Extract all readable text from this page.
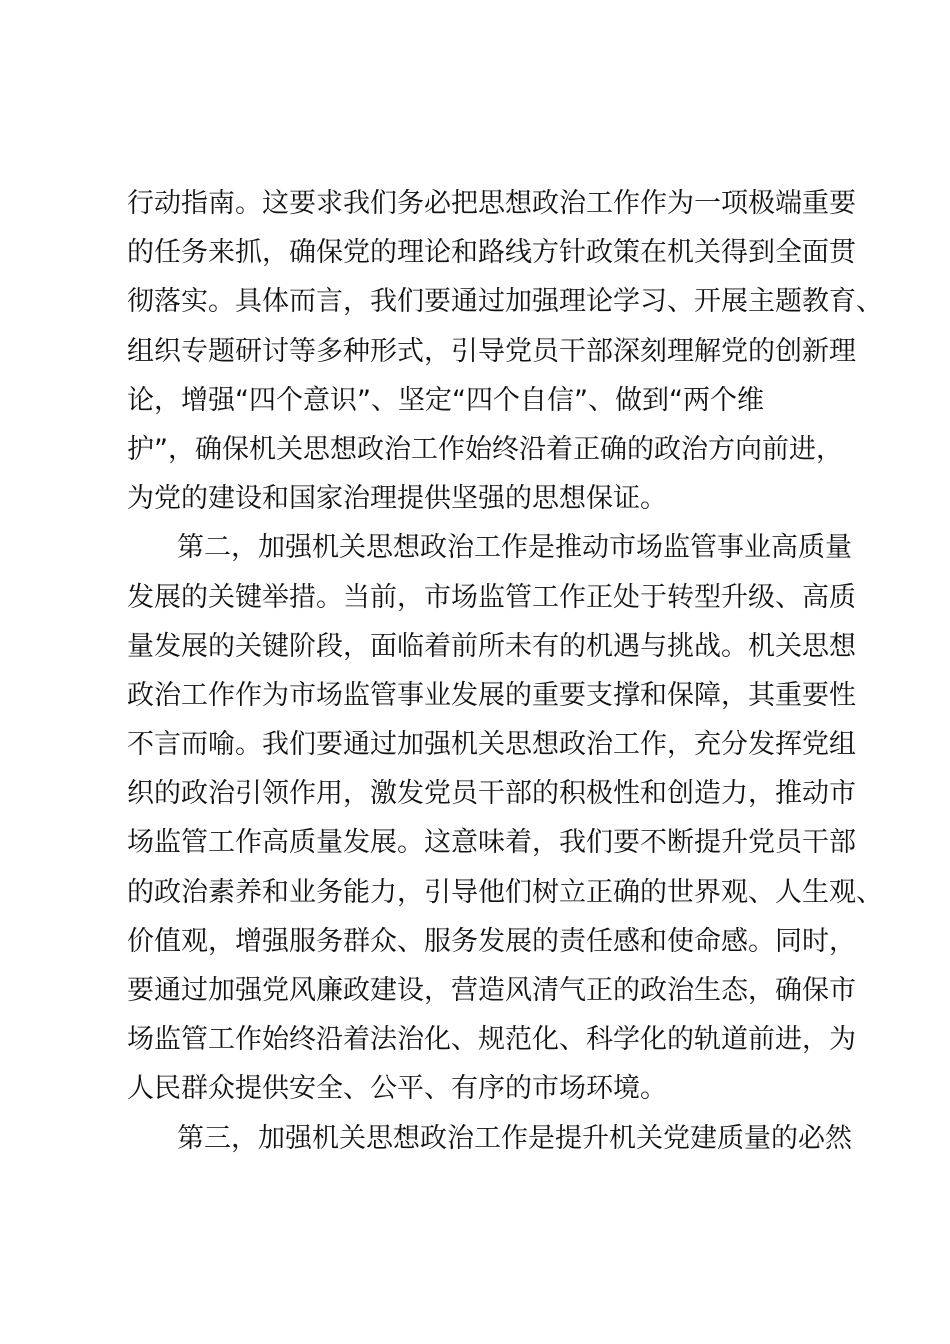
行动指南。这要求我们务必把思想政治工作作为一项极端重要
的任务来抓，确保党的理论和路线方针政策在机关得到全面贯
彻落实。具体而言，我们要通过加强理论学习、开展主题教育、
组织专题研讨等多种形式，引导党员干部深刻理解党的创新理
论，增强“四个意识”、坚定“四个自信”、做到“两个维
护”，确保机关思想政治工作始终沿着正确的政治方向前进，
为党的建设和国家治理提供坚强的思想保证。
第二，加强机关思想政治工作是推动市场监管事业高质量
发展的关键举措。当前，市场监管工作正处于转型升级、高质
量发展的关键阶段，面临着前所未有的机遇与挑战。机关思想
政治工作作为市场监管事业发展的重要支撑和保障，其重要性
不言而喻。我们要通过加强机关思想政治工作，充分发挥党组
织的政治引领作用，激发党员干部的积极性和创造力，推动市
场监管工作高质量发展。这意味着，我们要不断提升党员干部
的政治素养和业务能力，引导他们树立正确的世界观、人生观、
价值观，增强服务群众、服务发展的责任感和使命感。同时，
要通过加强党风廉政建设，营造风清气正的政治生态，确保市
场监管工作始终沿着法治化、规范化、科学化的轨道前进，为
人民群众提供安全、公平、有序的市场环境。
第三，加强机关思想政治工作是提升机关党建质量的必然
